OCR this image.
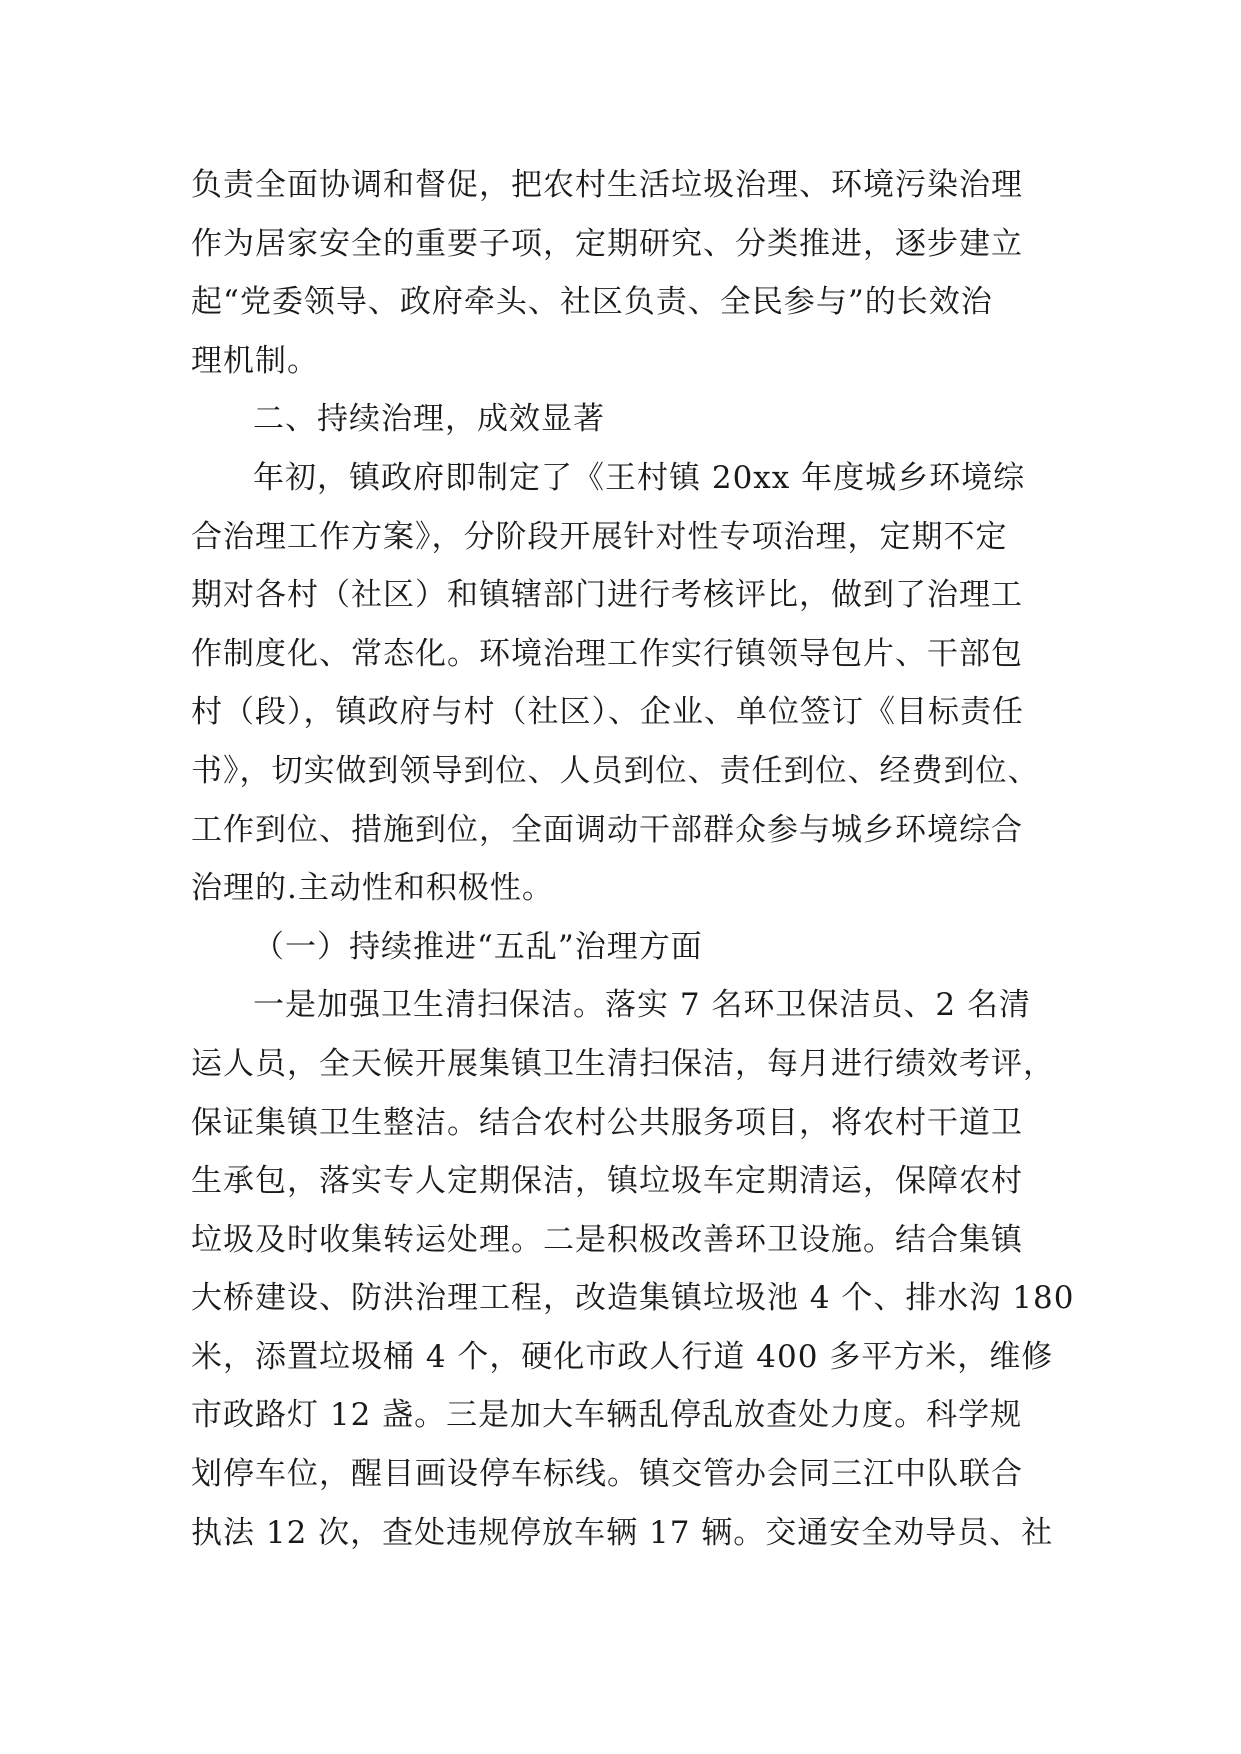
负责全面协调和督促，把农村生活垃圾治理、环境污染治理
作为居家安全的重要子项，定期研究、分类推进，逐步建立
起“党委领导、政府牵头、社区负责、全民参与”的长效治
理机制。
二、持续治理，成效显著
年初，镇政府即制定了《王村镇 20xx 年度城乡环境综
合治理工作方案》，分阶段开展针对性专项治理，定期不定
期对各村（社区）和镇辖部门进行考核评比，做到了治理工
作制度化、常态化。环境治理工作实行镇领导包片、干部包
村（段），镇政府与村（社区）、企业、单位签订《目标责任
书》，切实做到领导到位、人员到位、责任到位、经费到位、
工作到位、措施到位，全面调动干部群众参与城乡环境综合
治理的.主动性和积极性。
（一）持续推进“五乱”治理方面
一是加强卫生清扫保洁。落实 7 名环卫保洁员、2 名清
运人员，全天候开展集镇卫生清扫保洁，每月进行绩效考评，
保证集镇卫生整洁。结合农村公共服务项目，将农村干道卫
生承包，落实专人定期保洁，镇垃圾车定期清运，保障农村
垃圾及时收集转运处理。二是积极改善环卫设施。结合集镇
大桥建设、防洪治理工程，改造集镇垃圾池 4 个、排水沟 180
米，添置垃圾桶 4 个，硬化市政人行道 400 多平方米，维修
市政路灯 12 盏。三是加大车辆乱停乱放查处力度。科学规
划停车位，醒目画设停车标线。镇交管办会同三江中队联合
执法 12 次，查处违规停放车辆 17 辆。交通安全劝导员、社
